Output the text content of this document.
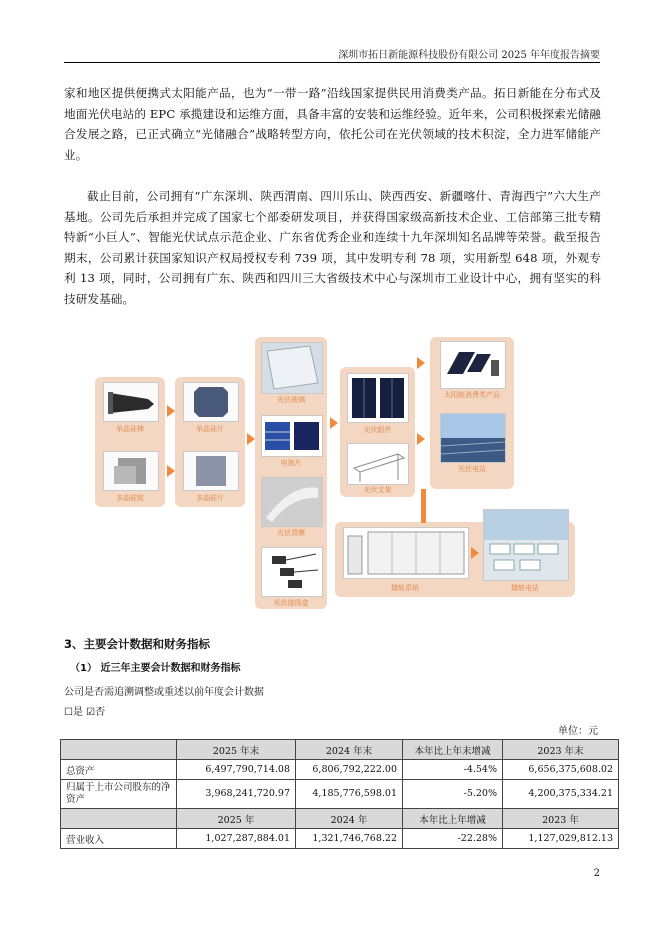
深圳市拓日新能源科技股份有限公司 2025 年年度报告摘要
家和地区提供便携式太阳能产品，也为“一带一路”沿线国家提供民用消费类产品。拓日新能在分布式及地面光伏电站的 EPC 承揽建设和运维方面，具备丰富的安装和运维经验。近年来，公司积极探索光储融合发展之路，已正式确立“光储融合”战略转型方向，依托公司在光伏领域的技术积淀，全力进军储能产业。
截止目前，公司拥有“广东深圳、陕西渭南、四川乐山、陕西西安、新疆喀什、青海西宁”六大生产基地。公司先后承担并完成了国家七个部委研发项目，并获得国家级高新技术企业、工信部第三批专精特新“小巨人”、智能光伏试点示范企业、广东省优秀企业和连续十九年深圳知名品牌等荣誉。截至报告期末，公司累计获国家知识产权局授权专利 739 项，其中发明专利 78 项，实用新型 648 项，外观专利 13 项，同时，公司拥有广东、陕西和四川三大省级技术中心与深圳市工业设计中心，拥有坚实的科技研发基础。
单晶硅棒
多晶硅锭
单晶硅片
多晶硅片
光伏玻璃
电池片
光伏背膜
光伏接线盒
光伏组件
光伏支架
太阳能消费类产品
光伏电站
储能系统	储能电站
3、主要会计数据和财务指标
（1） 近三年主要会计数据和财务指标
公司是否需追溯调整或重述以前年度会计数据
☐是 ☑否
单位：元
	2025 年末	2024 年末	本年比上年末增减	2023 年末
总资产	6,497,790,714.08	6,806,792,222.00	-4.54%	6,656,375,608.02
归属于上市公司股东的净资产	3,968,241,720.97	4,185,776,598.01	-5.20%	4,200,375,334.21
	2025 年	2024 年	本年比上年增减	2023 年
营业收入	1,027,287,884.01	1,321,746,768.22	-22.28%	1,127,029,812.13
2
